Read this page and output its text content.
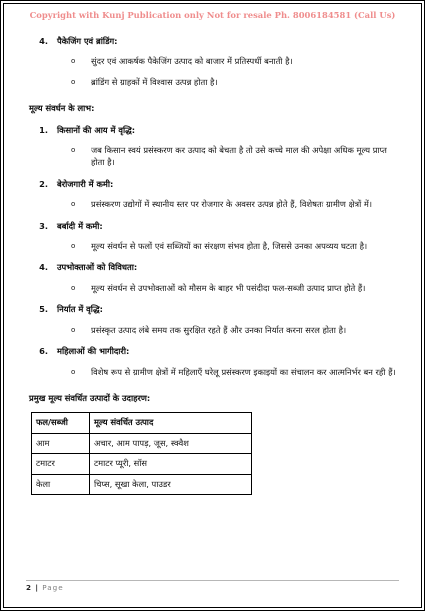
Copyright with Kunj Publication only Not for resale Ph. 8006184581 (Call Us)
4.	पैकेजिंग एवं ब्रांडिंग:
o	सुंदर एवं आकर्षक पैकेजिंग उत्पाद को बाजार में प्रतिस्पर्धी बनाती है।
o	ब्रांडिंग से ग्राहकों में विश्वास उत्पन्न होता है।
मूल्य संवर्धन के लाभ:
1.	किसानों की आय में वृद्धि:
o	जब किसान स्वयं प्रसंस्करण कर उत्पाद को बेचता है तो उसे कच्चे माल की अपेक्षा अधिक मूल्य प्राप्त होता है।
2.	बेरोजगारी में कमी:
o	प्रसंस्करण उद्योगों में स्थानीय स्तर पर रोजगार के अवसर उत्पन्न होते हैं, विशेषतः ग्रामीण क्षेत्रों में।
3.	बर्बादी में कमी:
o	मूल्य संवर्धन से फलों एवं सब्जियों का संरक्षण संभव होता है, जिससे उनका अपव्यय घटता है।
4.	उपभोक्ताओं को विविधता:
o	मूल्य संवर्धन से उपभोक्ताओं को मौसम के बाहर भी पसंदीदा फल-सब्जी उत्पाद प्राप्त होते हैं।
5.	निर्यात में वृद्धि:
o	प्रसंस्कृत उत्पाद लंबे समय तक सुरक्षित रहते हैं और उनका निर्यात करना सरल होता है।
6.	महिलाओं की भागीदारी:
o	विशेष रूप से ग्रामीण क्षेत्रों में महिलाएँ घरेलू प्रसंस्करण इकाइयों का संचालन कर आत्मनिर्भर बन रही हैं।
प्रमुख मूल्य संवर्धित उत्पादों के उदाहरण:
फल/सब्जी	मूल्य संवर्धित उत्पाद
आम	अचार, आम पापड़, जूस, स्क्वैश
टमाटर	टमाटर प्यूरी, सॉस
केला	चिप्स, सूखा केला, पाउडर
2 | Page
